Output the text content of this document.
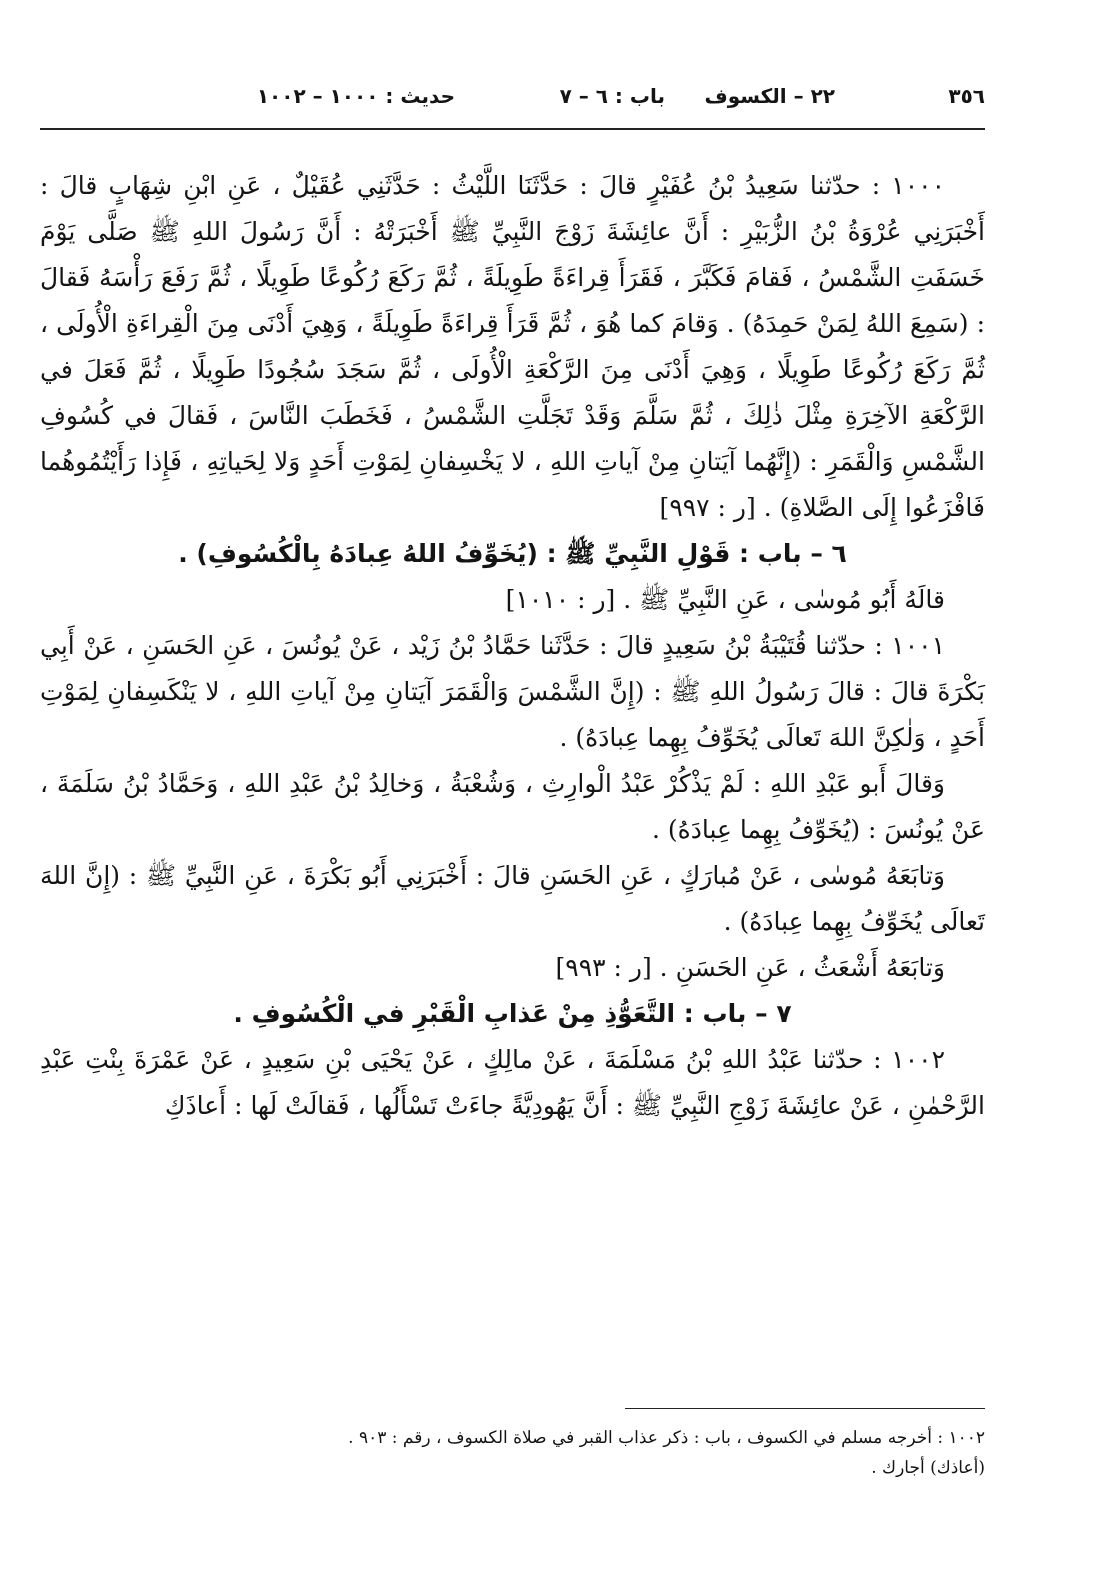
٣٥٦
٢٢ – الكسوف
باب : ٦ – ٧
حديث : ١٠٠٠ – ١٠٠٢

١٠٠٠ : حدّثنا سَعِيدُ بْنُ عُفَيْرٍ قالَ : حَدَّثَنَا اللَّيْثُ : حَدَّثَنِي عُقَيْلٌ ، عَنِ ابْنِ شِهَابٍ قالَ : أَخْبَرَنِي عُرْوَةُ بْنُ الزُّبَيْرِ : أَنَّ عائِشَةَ زَوْجَ النَّبِيِّ ﷺ أَخْبَرَتْهُ : أَنَّ رَسُولَ اللهِ ﷺ صَلَّى يَوْمَ خَسَفَتِ الشَّمْسُ ، فَقامَ فَكَبَّرَ ، فَقَرَأَ قِراءَةً طَوِيلَةً ، ثُمَّ رَكَعَ رُكُوعًا طَوِيلًا ، ثُمَّ رَفَعَ رَأْسَهُ فَقالَ : (سَمِعَ اللهُ لِمَنْ حَمِدَهُ) . وَقامَ كما هُوَ ، ثُمَّ قَرَأَ قِراءَةً طَوِيلَةً ، وَهِيَ أَدْنَى مِنَ الْقِراءَةِ الْأُولَى ، ثُمَّ رَكَعَ رُكُوعًا طَوِيلًا ، وَهِيَ أَدْنَى مِنَ الرَّكْعَةِ الْأُولَى ، ثُمَّ سَجَدَ سُجُودًا طَوِيلًا ، ثُمَّ فَعَلَ في الرَّكْعَةِ الآخِرَةِ مِثْلَ ذٰلِكَ ، ثُمَّ سَلَّمَ وَقَدْ تَجَلَّتِ الشَّمْسُ ، فَخَطَبَ النَّاسَ ، فَقالَ في كُسُوفِ الشَّمْسِ وَالْقَمَرِ : (إِنَّهُما آيَتانِ مِنْ آياتِ اللهِ ، لا يَخْسِفانِ لِمَوْتِ أَحَدٍ وَلا لِحَياتِهِ ، فَإِذا رَأَيْتُمُوهُما فَافْزَعُوا إِلَى الصَّلاةِ) . [ر : ٩٩٧]

٦ – باب : قَوْلِ النَّبِيِّ ﷺ : (يُخَوِّفُ اللهُ عِبادَهُ بِالْكُسُوفِ) .

قالَهُ أَبُو مُوسٰى ، عَنِ النَّبِيِّ ﷺ . [ر : ١٠١٠]

١٠٠١ : حدّثنا قُتَيْبَةُ بْنُ سَعِيدٍ قالَ : حَدَّثَنا حَمَّادُ بْنُ زَيْد ، عَنْ يُونُسَ ، عَنِ الحَسَنِ ، عَنْ أَبِي بَكْرَةَ قالَ : قالَ رَسُولُ اللهِ ﷺ : (إِنَّ الشَّمْسَ وَالْقَمَرَ آيَتانِ مِنْ آياتِ اللهِ ، لا يَنْكَسِفانِ لِمَوْتِ أَحَدٍ ، وَلٰكِنَّ اللهَ تَعالَى يُخَوِّفُ بِهِما عِبادَهُ) .

وَقالَ أَبو عَبْدِ اللهِ : لَمْ يَذْكُرْ عَبْدُ الْوارِثِ ، وَشُعْبَةُ ، وَخالِدُ بْنُ عَبْدِ اللهِ ، وَحَمَّادُ بْنُ سَلَمَةَ ، عَنْ يُونُسَ : (يُخَوِّفُ بِهِما عِبادَهُ) .

وَتابَعَهُ مُوسٰى ، عَنْ مُبارَكٍ ، عَنِ الحَسَنِ قالَ : أَخْبَرَنِي أَبُو بَكْرَةَ ، عَنِ النَّبِيِّ ﷺ : (إِنَّ اللهَ تَعالَى يُخَوِّفُ بِهِما عِبادَهُ) .

وَتابَعَهُ أَشْعَثُ ، عَنِ الحَسَنِ . [ر : ٩٩٣]

٧ – باب : التَّعَوُّذِ مِنْ عَذابِ الْقَبْرِ في الْكُسُوفِ .

١٠٠٢ : حدّثنا عَبْدُ اللهِ بْنُ مَسْلَمَةَ ، عَنْ مالِكٍ ، عَنْ يَحْيَى بْنِ سَعِيدٍ ، عَنْ عَمْرَةَ بِنْتِ عَبْدِ الرَّحْمٰنِ ، عَنْ عائِشَةَ زَوْجِ النَّبِيِّ ﷺ : أَنَّ يَهُودِيَّةً جاءَتْ تَسْأَلُها ، فَقالَتْ لَها : أَعاذَكِ

١٠٠٢ : أخرجه مسلم في الكسوف ، باب : ذكر عذاب القبر في صلاة الكسوف ، رقم : ٩٠٣ .

(أعاذك) أجارك .
